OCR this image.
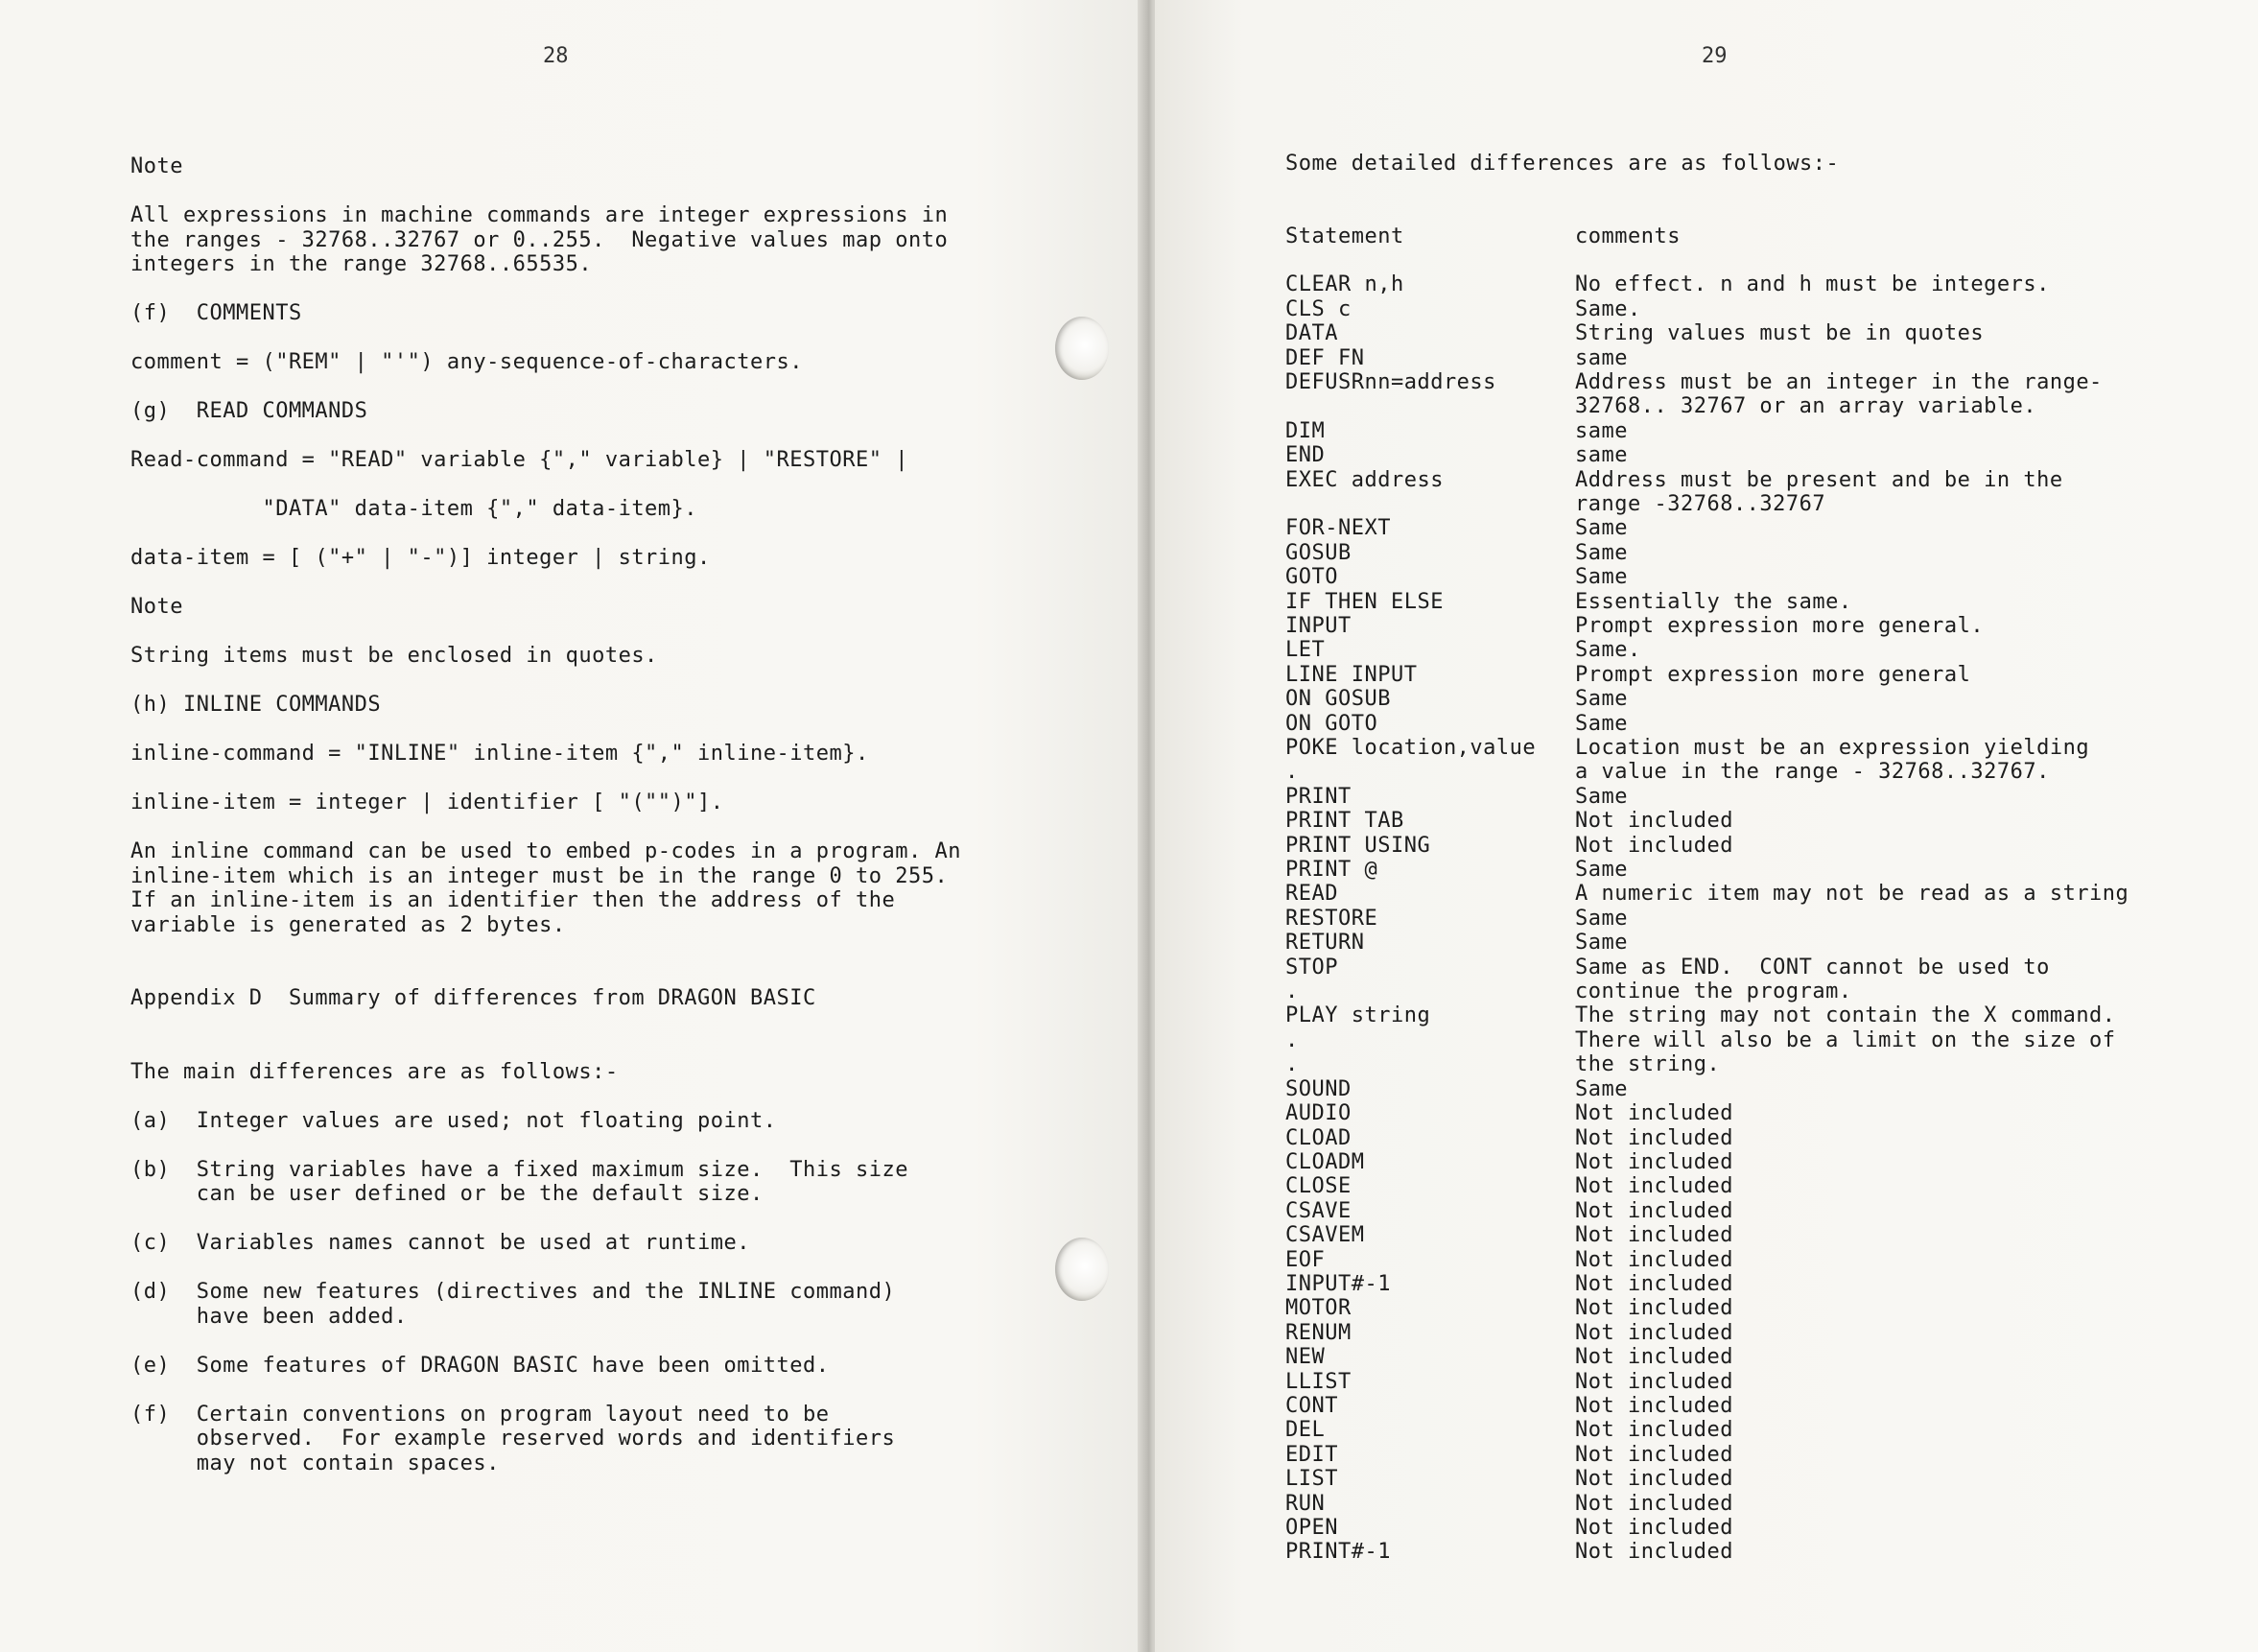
28

Note

All expressions in machine commands are integer expressions in

the ranges - 32768..32767 or 0..255.  Negative values map onto

integers in the range 32768..65535.

(f)  COMMENTS

comment = ("REM" | "'") any-sequence-of-characters.

(g)  READ COMMANDS

Read-command = "READ" variable {"," variable} | "RESTORE" |

"DATA" data-item {"," data-item}.

data-item = [ ("+" | "-")] integer | string.

Note

String items must be enclosed in quotes.

(h) INLINE COMMANDS

inline-command = "INLINE" inline-item {"," inline-item}.

inline-item = integer | identifier [ "("")"].

An inline command can be used to embed p-codes in a program. An

inline-item which is an integer must be in the range 0 to 255.

If an inline-item is an identifier then the address of the

variable is generated as 2 bytes.

Appendix D  Summary of differences from DRAGON BASIC

The main differences are as follows:-

(a)  Integer values are used; not floating point.

(b)  String variables have a fixed maximum size.  This size

can be user defined or be the default size.

(c)  Variables names cannot be used at runtime.

(d)  Some new features (directives and the INLINE command)

have been added.

(e)  Some features of DRAGON BASIC have been omitted.

(f)  Certain conventions on program layout need to be

observed.  For example reserved words and identifiers

may not contain spaces.

29

Some detailed differences are as follows:-

Statement	comments

CLEAR n,h	No effect. n and h must be integers.
CLS c	Same.
DATA	String values must be in quotes
DEF FN	same
DEFUSRnn=address	Address must be an integer in the range-
	32768.. 32767 or an array variable.
DIM	same
END	same
EXEC address	Address must be present and be in the
	range -32768..32767
FOR-NEXT	Same
GOSUB	Same
GOTO	Same
IF THEN ELSE	Essentially the same.
INPUT	Prompt expression more general.
LET	Same.
LINE INPUT	Prompt expression more general
ON GOSUB	Same
ON GOTO	Same
POKE location,value	Location must be an expression yielding
.	a value in the range - 32768..32767.
PRINT	Same
PRINT TAB	Not included
PRINT USING	Not included
PRINT @	Same
READ	A numeric item may not be read as a string
RESTORE	Same
RETURN	Same
STOP	Same as END.  CONT cannot be used to
.	continue the program.
PLAY string	The string may not contain the X command.
.	There will also be a limit on the size of
.	the string.
SOUND	Same
AUDIO	Not included
CLOAD	Not included
CLOADM	Not included
CLOSE	Not included
CSAVE	Not included
CSAVEM	Not included
EOF	Not included
INPUT#-1	Not included
MOTOR	Not included
RENUM	Not included
NEW	Not included
LLIST	Not included
CONT	Not included
DEL	Not included
EDIT	Not included
LIST	Not included
RUN	Not included
OPEN	Not included
PRINT#-1	Not included
